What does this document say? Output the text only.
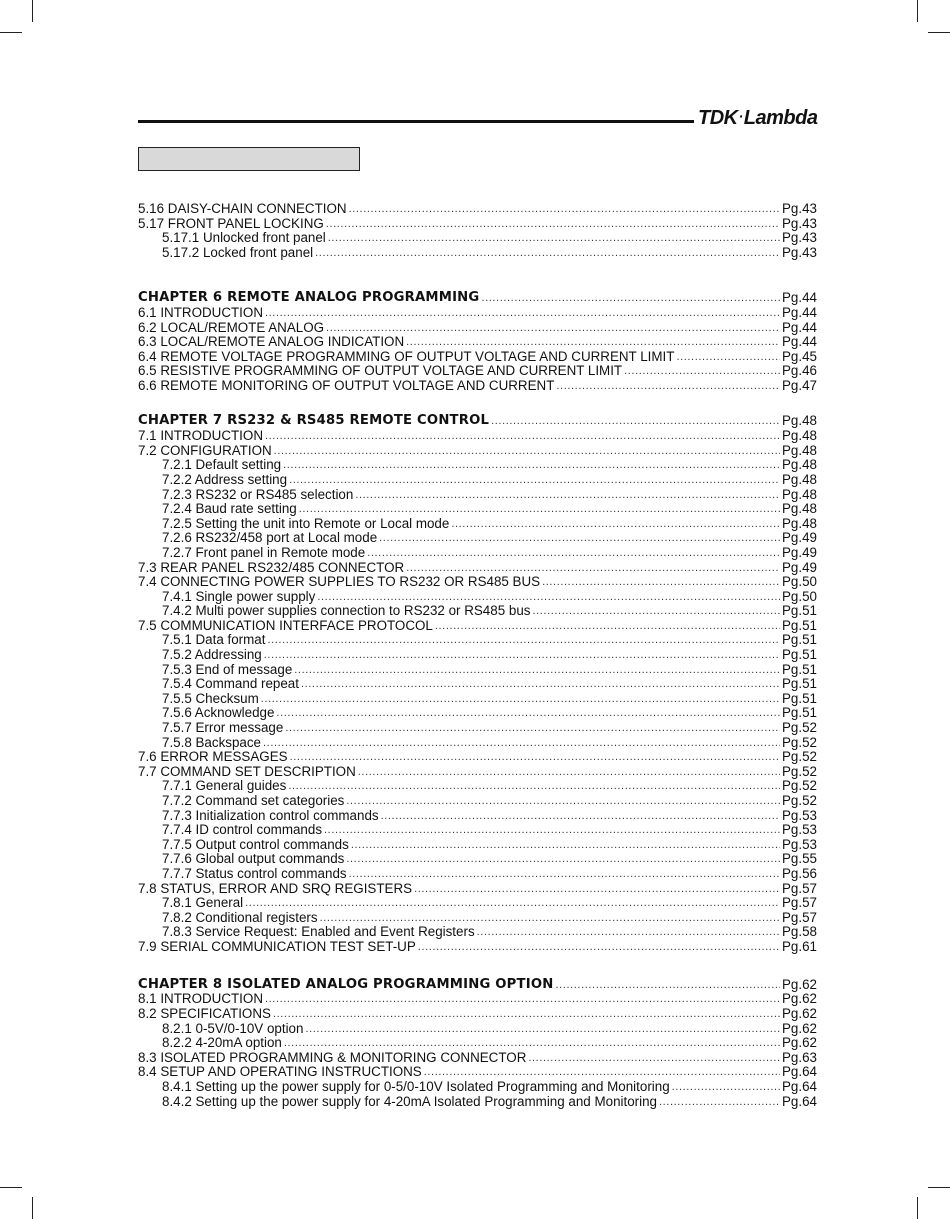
TDK·Lambda
5.16 DAISY-CHAIN CONNECTION .....	Pg.43
5.17 FRONT PANEL LOCKING .....	Pg.43
5.17.1 Unlocked front panel .....	Pg.43
5.17.2 Locked front panel .....	Pg.43
CHAPTER 6 REMOTE ANALOG PROGRAMMING .....	Pg.44
6.1 INTRODUCTION .....	Pg.44
6.2 LOCAL/REMOTE ANALOG .....	Pg.44
6.3 LOCAL/REMOTE ANALOG INDICATION .....	Pg.44
6.4 REMOTE VOLTAGE PROGRAMMING OF OUTPUT VOLTAGE AND CURRENT LIMIT .....	Pg.45
6.5 RESISTIVE PROGRAMMING OF OUTPUT VOLTAGE AND CURRENT LIMIT .....	Pg.46
6.6 REMOTE MONITORING OF OUTPUT VOLTAGE AND CURRENT .....	Pg.47
CHAPTER 7 RS232 & RS485 REMOTE CONTROL .....	Pg.48
7.1 INTRODUCTION .....	Pg.48
7.2 CONFIGURATION .....	Pg.48
7.2.1 Default setting .....	Pg.48
7.2.2 Address setting .....	Pg.48
7.2.3 RS232 or RS485 selection .....	Pg.48
7.2.4 Baud rate setting .....	Pg.48
7.2.5 Setting the unit into Remote or Local mode .....	Pg.48
7.2.6 RS232/458 port at Local mode .....	Pg.49
7.2.7 Front panel in Remote mode .....	Pg.49
7.3 REAR PANEL RS232/485 CONNECTOR .....	Pg.49
7.4 CONNECTING POWER SUPPLIES TO RS232 OR RS485 BUS .....	Pg.50
7.4.1 Single power supply .....	Pg.50
7.4.2 Multi power supplies connection to RS232 or RS485 bus .....	Pg.51
7.5 COMMUNICATION INTERFACE PROTOCOL .....	Pg.51
7.5.1 Data format .....	Pg.51
7.5.2 Addressing .....	Pg.51
7.5.3 End of message .....	Pg.51
7.5.4 Command repeat .....	Pg.51
7.5.5 Checksum .....	Pg.51
7.5.6 Acknowledge .....	Pg.51
7.5.7 Error message .....	Pg.52
7.5.8 Backspace .....	Pg.52
7.6 ERROR MESSAGES .....	Pg.52
7.7 COMMAND SET DESCRIPTION .....	Pg.52
7.7.1 General guides .....	Pg.52
7.7.2 Command set categories .....	Pg.52
7.7.3 Initialization control commands .....	Pg.53
7.7.4 ID control commands .....	Pg.53
7.7.5 Output control commands .....	Pg.53
7.7.6 Global output commands .....	Pg.55
7.7.7 Status control commands .....	Pg.56
7.8 STATUS, ERROR AND SRQ REGISTERS .....	Pg.57
7.8.1 General .....	Pg.57
7.8.2 Conditional registers .....	Pg.57
7.8.3 Service Request: Enabled and Event Registers .....	Pg.58
7.9 SERIAL COMMUNICATION TEST SET-UP .....	Pg.61
CHAPTER 8 ISOLATED ANALOG PROGRAMMING OPTION .....	Pg.62
8.1 INTRODUCTION .....	Pg.62
8.2 SPECIFICATIONS .....	Pg.62
8.2.1 0-5V/0-10V option .....	Pg.62
8.2.2 4-20mA option .....	Pg.62
8.3 ISOLATED PROGRAMMING & MONITORING CONNECTOR .....	Pg.63
8.4 SETUP AND OPERATING INSTRUCTIONS .....	Pg.64
8.4.1 Setting up the power supply for 0-5/0-10V Isolated Programming and Monitoring .....	Pg.64
8.4.2 Setting up the power supply for 4-20mA Isolated Programming and Monitoring .....	Pg.64
